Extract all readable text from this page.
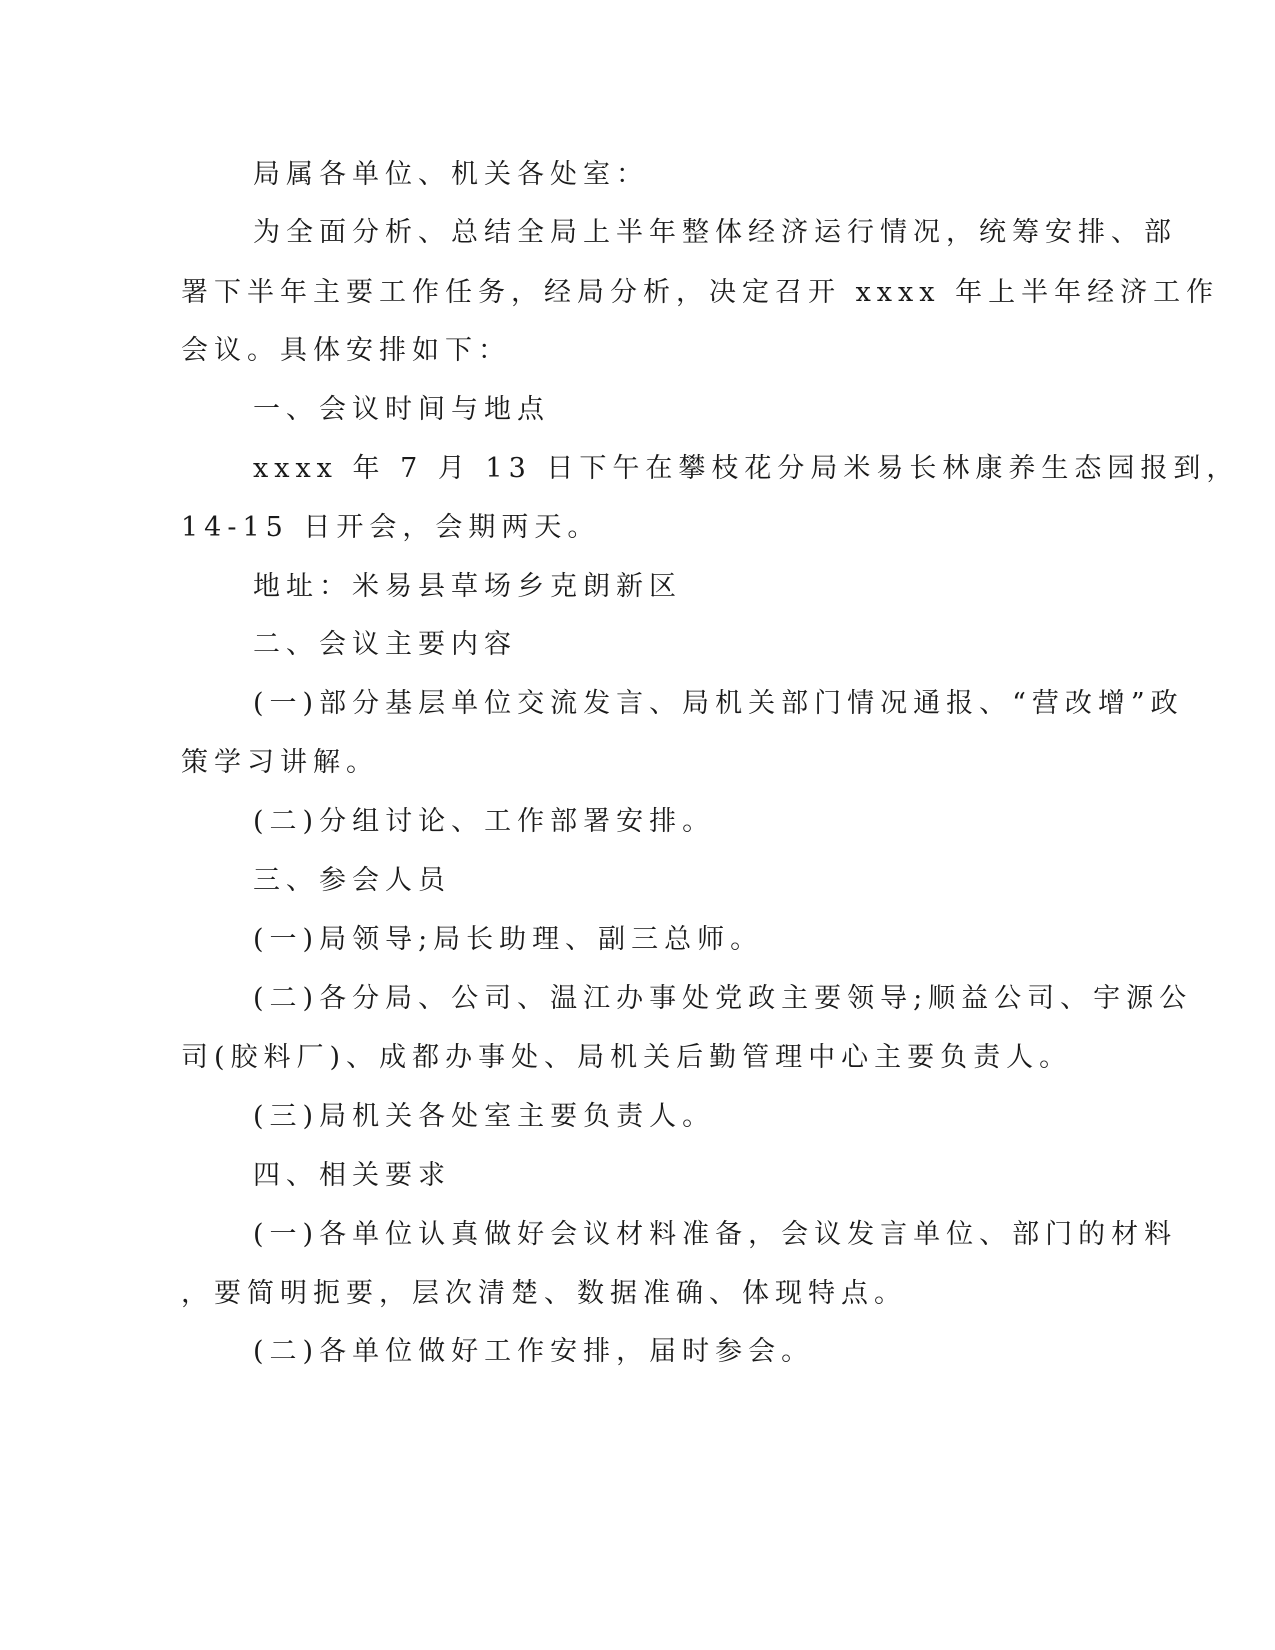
局属各单位、机关各处室：
为全面分析、总结全局上半年整体经济运行情况，统筹安排、部
署下半年主要工作任务，经局分析，决定召开 xxxx 年上半年经济工作
会议。具体安排如下：
一、会议时间与地点
xxxx 年 7 月 13 日下午在攀枝花分局米易长林康养生态园报到，
14-15 日开会，会期两天。
地址：米易县草场乡克朗新区
二、会议主要内容
(一)部分基层单位交流发言、局机关部门情况通报、“营改增”政
策学习讲解。
(二)分组讨论、工作部署安排。
三、参会人员
(一)局领导;局长助理、副三总师。
(二)各分局、公司、温江办事处党政主要领导;顺益公司、宇源公
司(胶料厂)、成都办事处、局机关后勤管理中心主要负责人。
(三)局机关各处室主要负责人。
四、相关要求
(一)各单位认真做好会议材料准备，会议发言单位、部门的材料
，要简明扼要，层次清楚、数据准确、体现特点。
(二)各单位做好工作安排，届时参会。
